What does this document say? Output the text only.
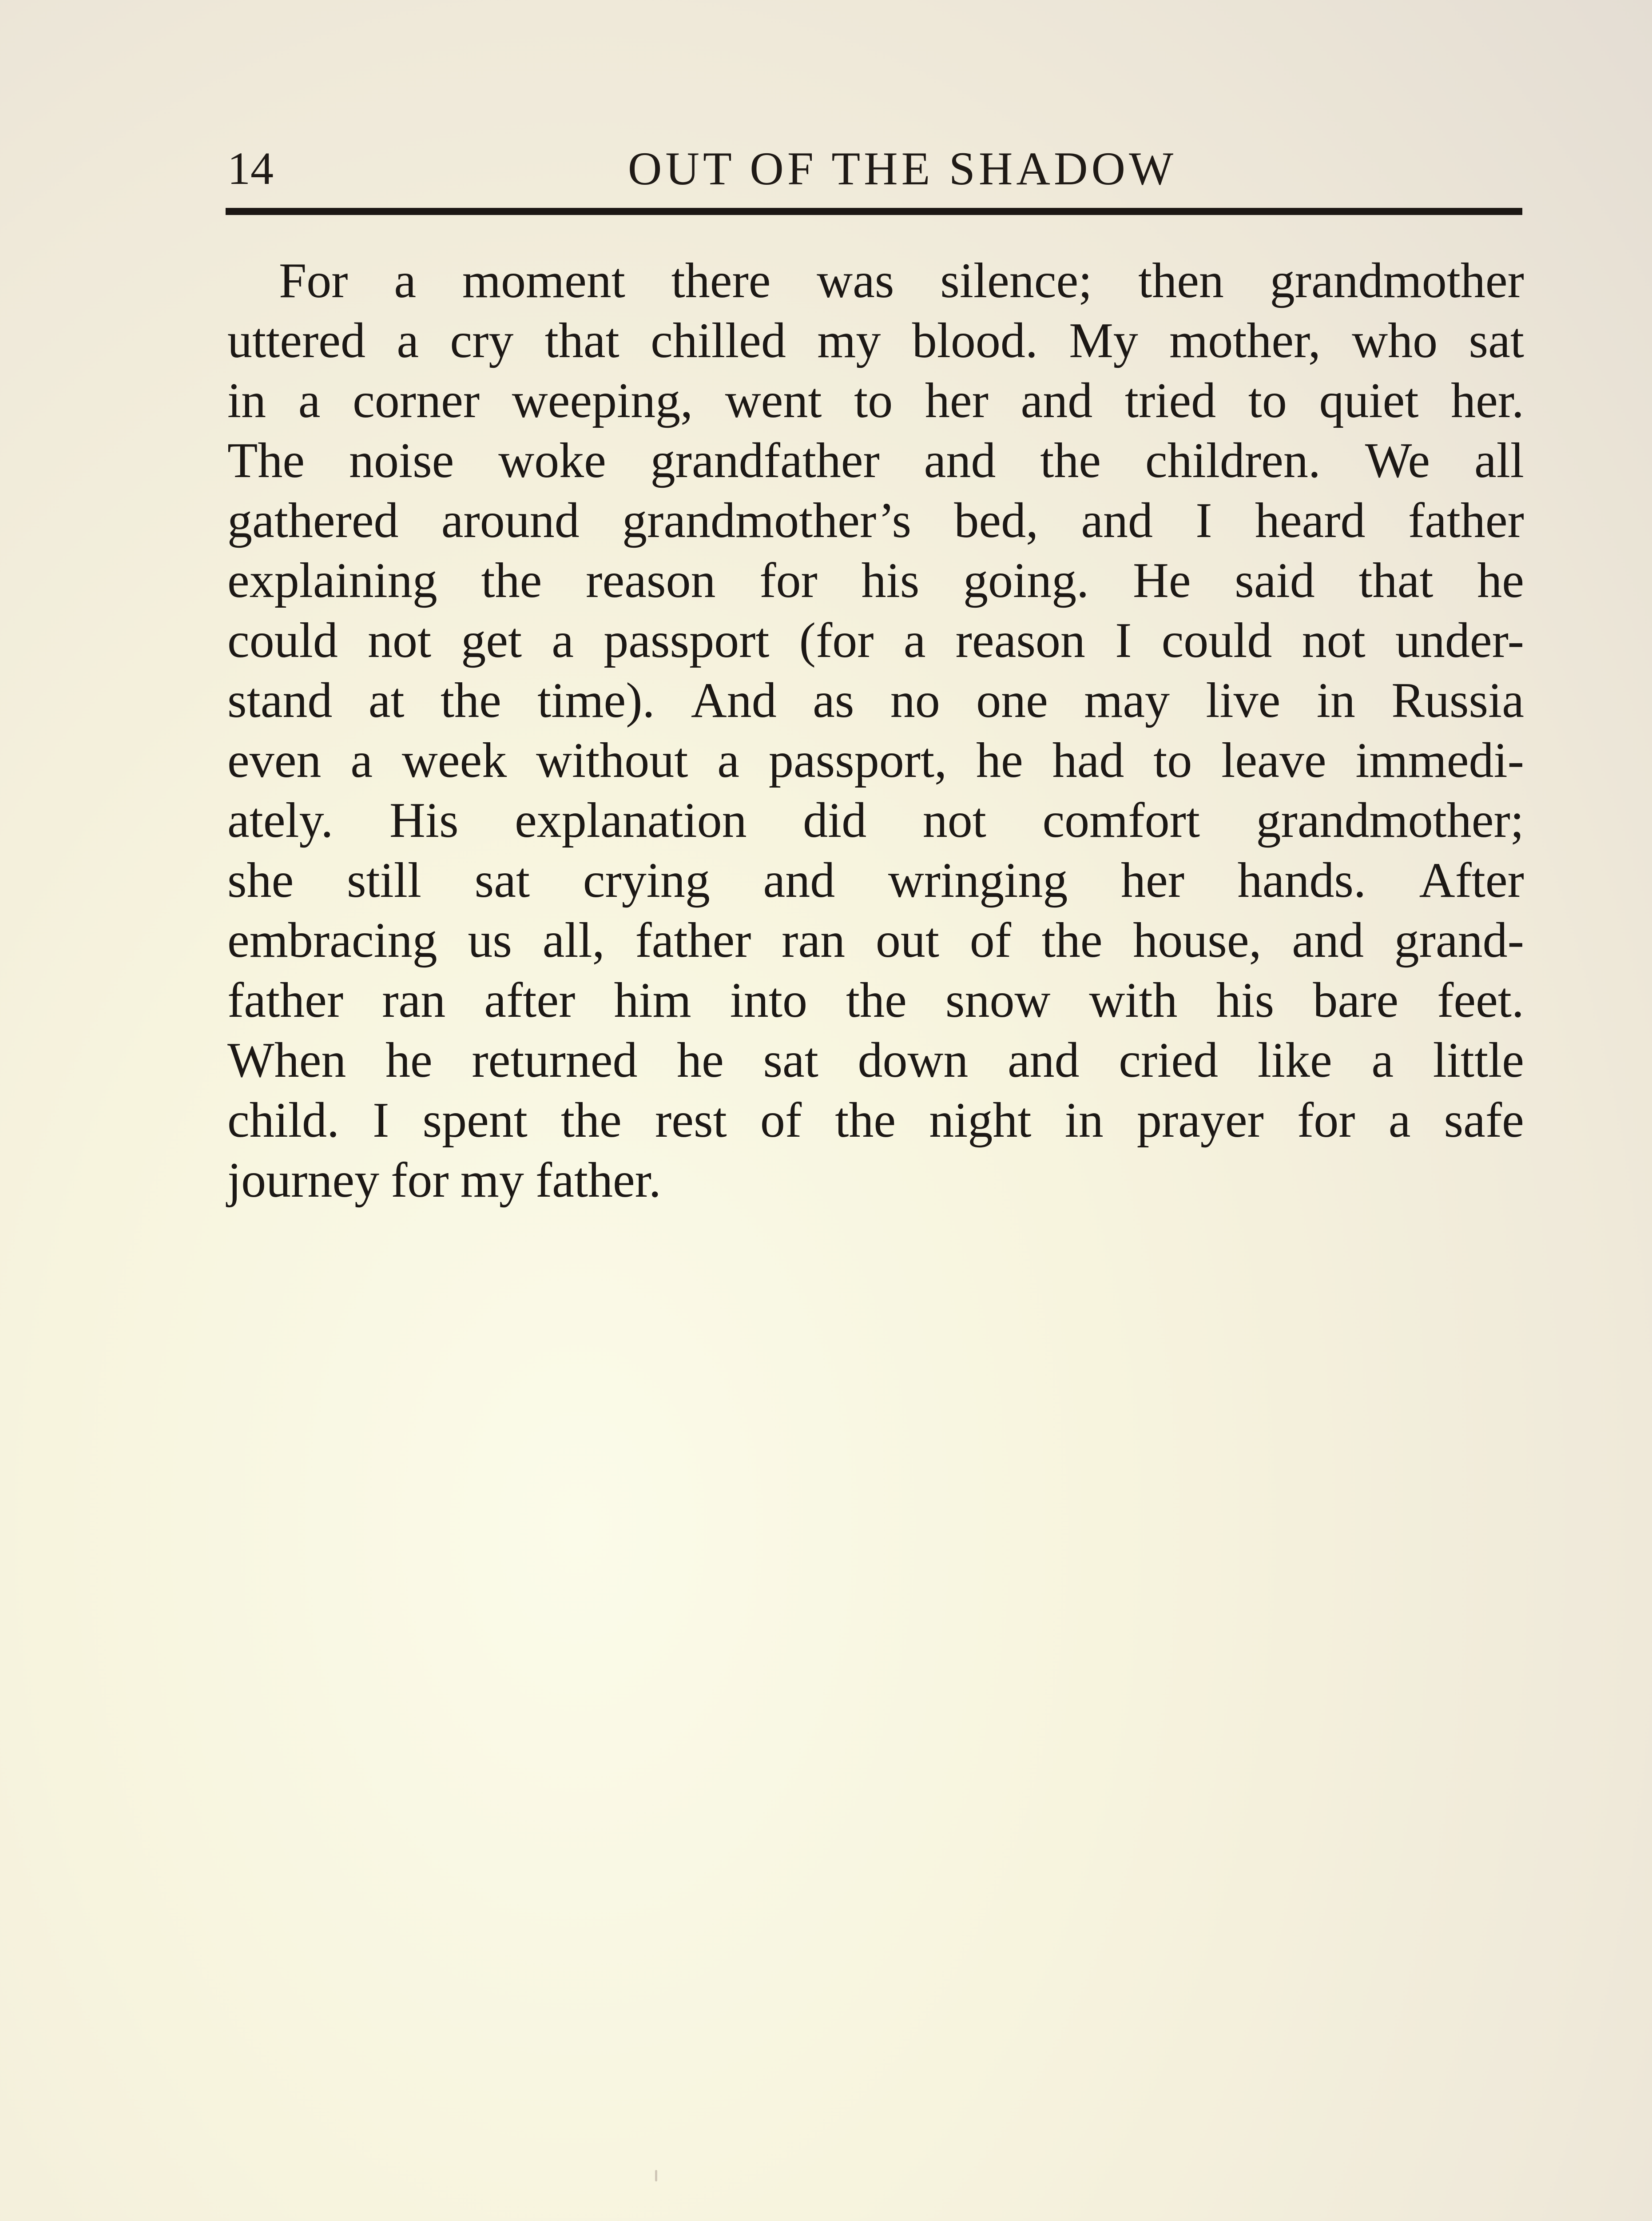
14	OUT OF THE SHADOW
For a moment there was silence; then grandmother
uttered a cry that chilled my blood. My mother, who sat
in a corner weeping, went to her and tried to quiet her.
The noise woke grandfather and the children. We all
gathered around grandmother’s bed, and I heard father
explaining the reason for his going. He said that he
could not get a passport (for a reason I could not under-
stand at the time). And as no one may live in Russia
even a week without a passport, he had to leave immedi-
ately. His explanation did not comfort grandmother;
she still sat crying and wringing her hands. After
embracing us all, father ran out of the house, and grand-
father ran after him into the snow with his bare feet.
When he returned he sat down and cried like a little
child. I spent the rest of the night in prayer for a safe
journey for my father.
